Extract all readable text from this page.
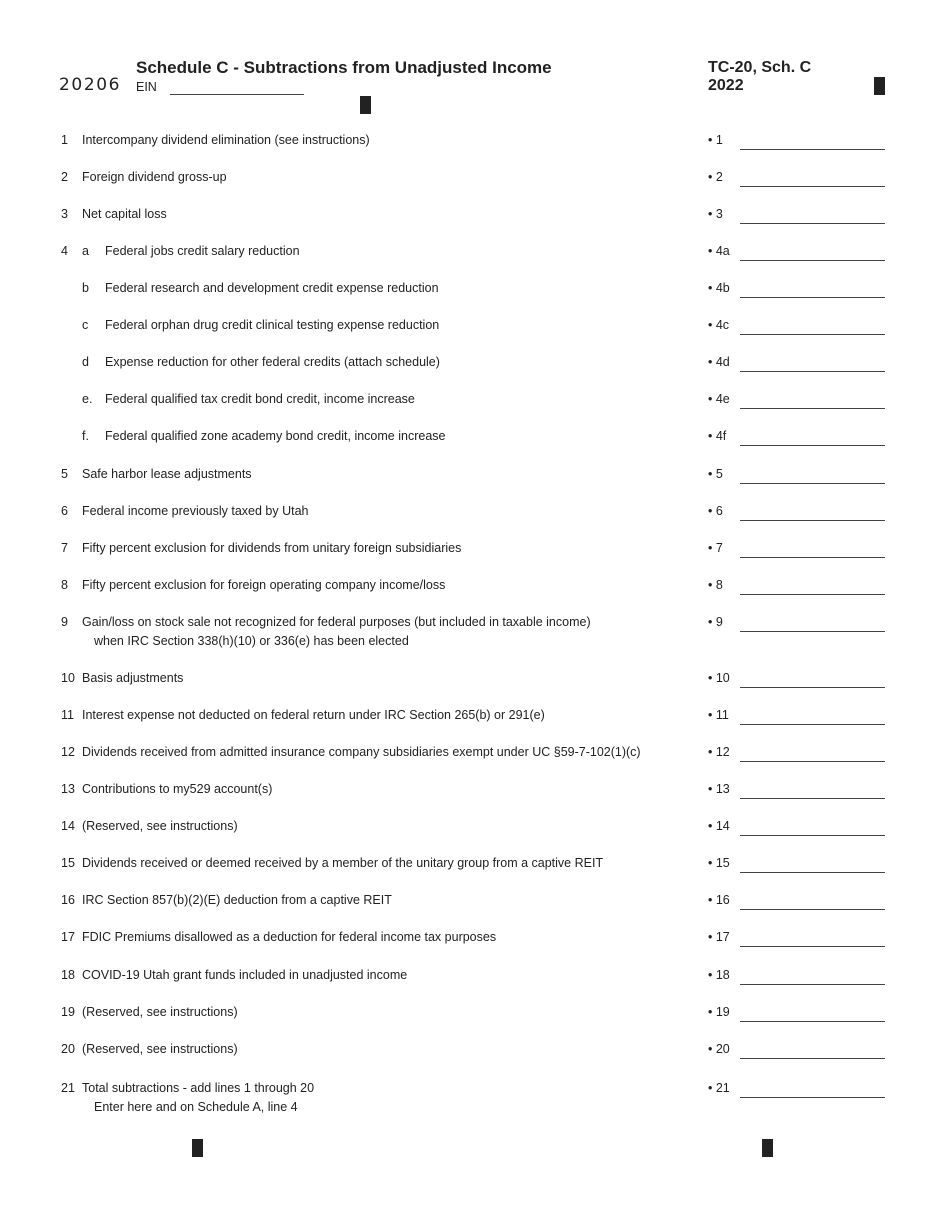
20206
Schedule C - Subtractions from Unadjusted Income
EIN
TC-20, Sch. C
2022
1 Intercompany dividend elimination (see instructions)	• 1
2 Foreign dividend gross-up	• 2
3 Net capital loss	• 3
4 a Federal jobs credit salary reduction	• 4a
b Federal research and development credit expense reduction	• 4b
c Federal orphan drug credit clinical testing expense reduction	• 4c
d Expense reduction for other federal credits (attach schedule)	• 4d
e. Federal qualified tax credit bond credit, income increase	• 4e
f. Federal qualified zone academy bond credit, income increase	• 4f
5 Safe harbor lease adjustments	• 5
6 Federal income previously taxed by Utah	• 6
7 Fifty percent exclusion for dividends from unitary foreign subsidiaries	• 7
8 Fifty percent exclusion for foreign operating company income/loss	• 8
9 Gain/loss on stock sale not recognized for federal purposes (but included in taxable income)
when IRC Section 338(h)(10) or 336(e) has been elected
• 9
10 Basis adjustments	• 10
11 Interest expense not deducted on federal return under IRC Section 265(b) or 291(e)	• 11
12 Dividends received from admitted insurance company subsidiaries exempt under UC §59-7-102(1)(c)	• 12
13 Contributions to my529 account(s)	• 13
14 (Reserved, see instructions)	• 14
15 Dividends received or deemed received by a member of the unitary group from a captive REIT	• 15
16 IRC Section 857(b)(2)(E) deduction from a captive REIT	• 16
17 FDIC Premiums disallowed as a deduction for federal income tax purposes	• 17
18 COVID-19 Utah grant funds included in unadjusted income	• 18
19 (Reserved, see instructions)	• 19
20 (Reserved, see instructions)	• 20
21 Total subtractions - add lines 1 through 20
Enter here and on Schedule A, line 4
• 21
